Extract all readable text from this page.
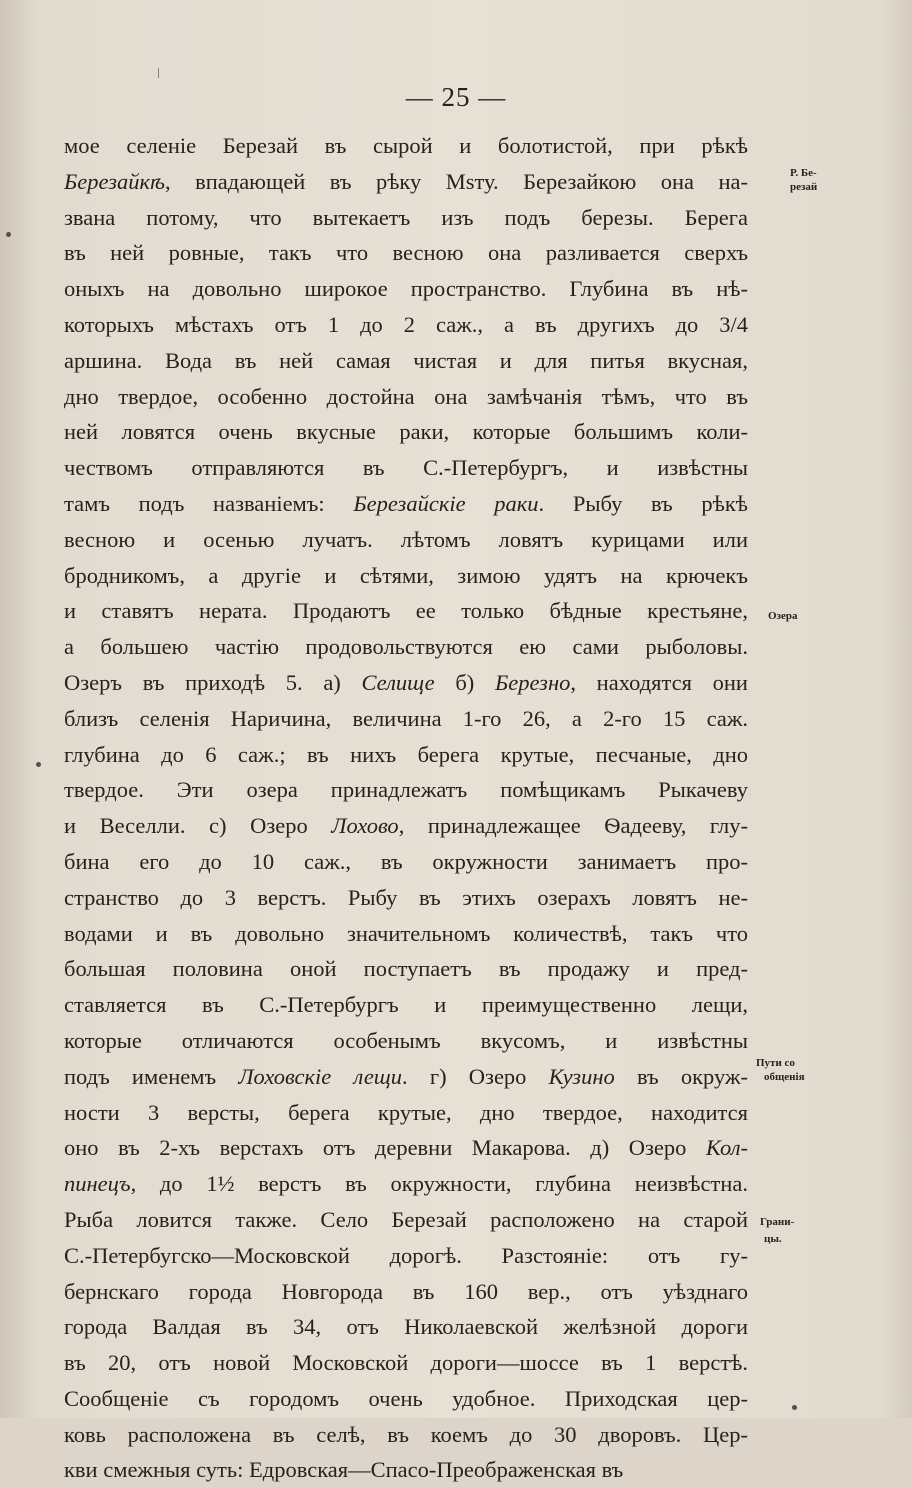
— 25 —
мое селеніе Березай въ сырой и болотистой, при рѣкѣ
Березайкѣ, впадающей въ рѣку Msту. Березайкою она на-
звана потому, что вытекаетъ изъ подъ березы. Берега
въ ней ровные, такъ что весною она разливается сверхъ
оныхъ на довольно широкое пространство. Глубина въ нѣ-
которыхъ мѣстахъ отъ 1 до 2 саж., а въ другихъ до 3/4
аршина. Вода въ ней самая чистая и для питья вкусная,
дно твердое, особенно достойна она замѣчанія тѣмъ, что въ
ней ловятся очень вкусные раки, которые большимъ коли-
чествомъ отправляются въ С.-Петербургъ, и извѣстны
тамъ подъ названіемъ: Березайскіе раки. Рыбу въ рѣкѣ
весною и осенью лучатъ. лѣтомъ ловятъ курицами или
бродникомъ, а другіе и сѣтями, зимою удятъ на крючекъ
и ставятъ нерата. Продаютъ ее только бѣдные крестьяне,
а большею частію продовольствуются ею сами рыболовы.
Озеръ въ приходѣ 5. а) Селище б) Березно, находятся они
близъ селенія Наричина, величина 1-го 26, а 2-го 15 саж.
глубина до 6 саж.; въ нихъ берега крутые, песчаные, дно
твердое. Эти озера принадлежатъ помѣщикамъ Рыкачеву
и Веселли. с) Озеро Лохово, принадлежащее Ѳадееву, глу-
бина его до 10 саж., въ окружности занимаетъ про-
странство до 3 верстъ. Рыбу въ этихъ озерахъ ловятъ не-
водами и въ довольно значительномъ количествѣ, такъ что
большая половина оной поступаетъ въ продажу и пред-
ставляется въ С.-Петербургъ и преимущественно лещи,
которые отличаются особенымъ вкусомъ, и извѣстны
подъ именемъ Лоховскіе лещи. г) Озеро Кузино въ окруж-
ности 3 версты, берега крутые, дно твердое, находится
оно въ 2-хъ верстахъ отъ деревни Макарова. д) Озеро Кол-
пинецъ, до 1½ верстъ въ окружности, глубина неизвѣстна.
Рыба ловится также. Село Березай расположено на старой
С.-Петербугско—Московской дорогѣ. Разстояніе: отъ гу-
бернскаго города Новгорода въ 160 вер., отъ уѣзднаго
города Валдая въ 34, отъ Николаевской желѣзной дороги
въ 20, отъ новой Московской дороги—шоссе въ 1 верстѣ.
Сообщеніе съ городомъ очень удобное. Приходская цер-
ковь расположена въ селѣ, въ коемъ до 30 дворовъ. Цер-
кви смежныя суть: Едровская—Спасо-Преображенская въ
Р. Бе-
резай
Озера
Пути со
общенія
Грани-
цы.
